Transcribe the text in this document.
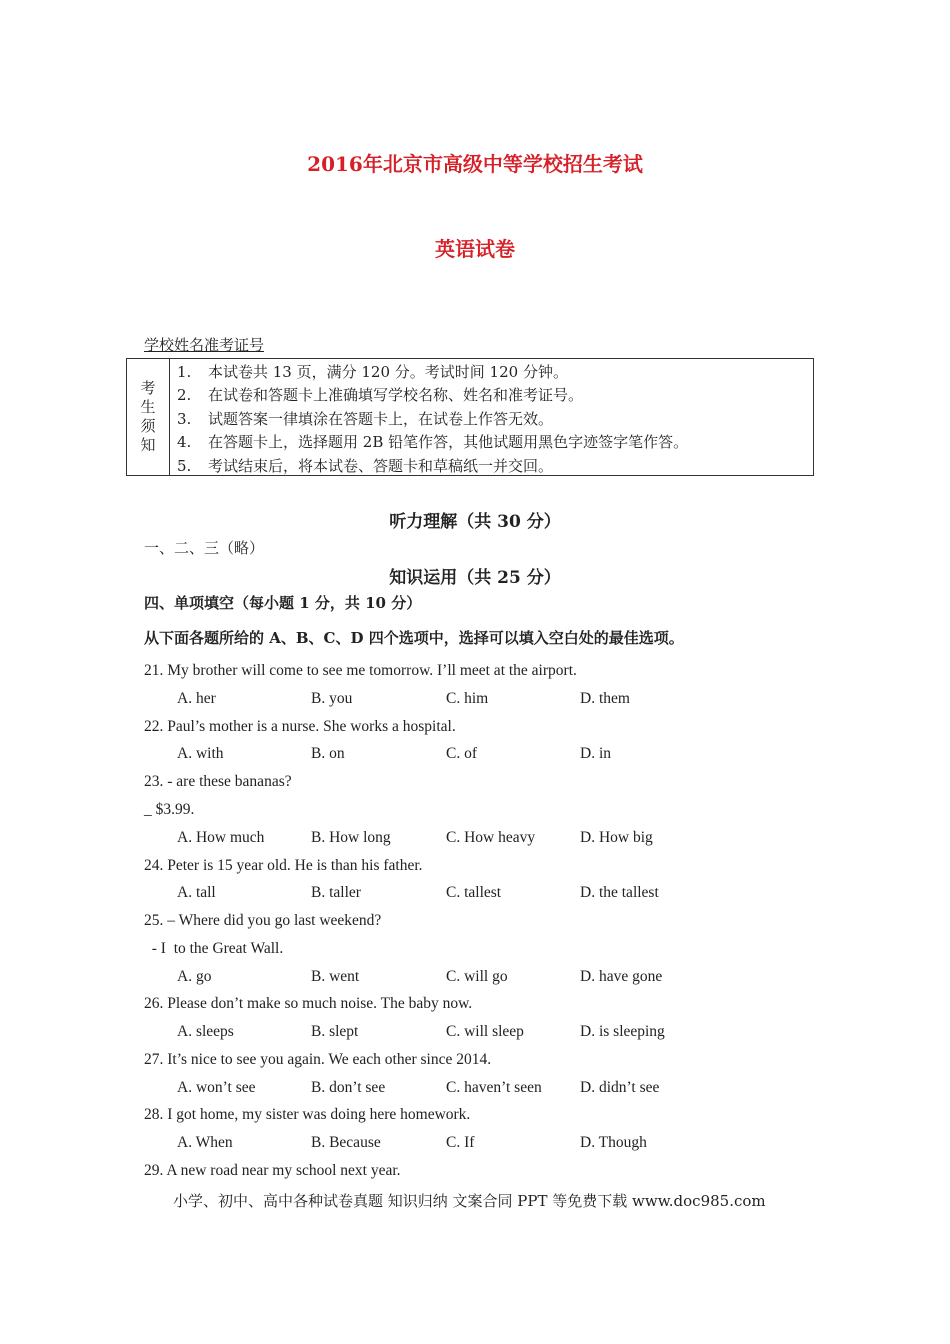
2016年北京市高级中等学校招生考试
英语试卷
学校姓名准考证号
考
生
须
知
1. 本试卷共 13 页，满分 120 分。考试时间 120 分钟。
2. 在试卷和答题卡上准确填写学校名称、姓名和准考证号。
3. 试题答案一律填涂在答题卡上，在试卷上作答无效。
4. 在答题卡上，选择题用 2B 铅笔作答，其他试题用黑色字迹签字笔作答。
5. 考试结束后，将本试卷、答题卡和草稿纸一并交回。
听力理解（共 30 分）
一、二、三（略）
知识运用（共 25 分）
四、单项填空（每小题 1 分，共 10 分）
从下面各题所给的 A、B、C、D 四个选项中，选择可以填入空白处的最佳选项。
21. My brother will come to see me tomorrow. I’ll meet at the airport.
A. her	B. you	C. him	D. them
22. Paul’s mother is a nurse. She works a hospital.
A. with	B. on	C. of	D. in
23. - are these bananas?
_ $3.99.
A. How much	B. How long	C. How heavy	D. How big
24. Peter is 15 year old. He is than his father.
A. tall	B. taller	C. tallest	D. the tallest
25. – Where did you go last weekend?
- I  to the Great Wall.
A. go	B. went	C. will go	D. have gone
26. Please don’t make so much noise. The baby now.
A. sleeps	B. slept	C. will sleep	D. is sleeping
27. It’s nice to see you again. We each other since 2014.
A. won’t see	B. don’t see	C. haven’t seen D. didn’t see
28. I got home, my sister was doing here homework.
A. When	B. Because	C. If	D. Though
29. A new road near my school next year.
小学、初中、高中各种试卷真题 知识归纳 文案合同 PPT 等免费下载 www.doc985.com
